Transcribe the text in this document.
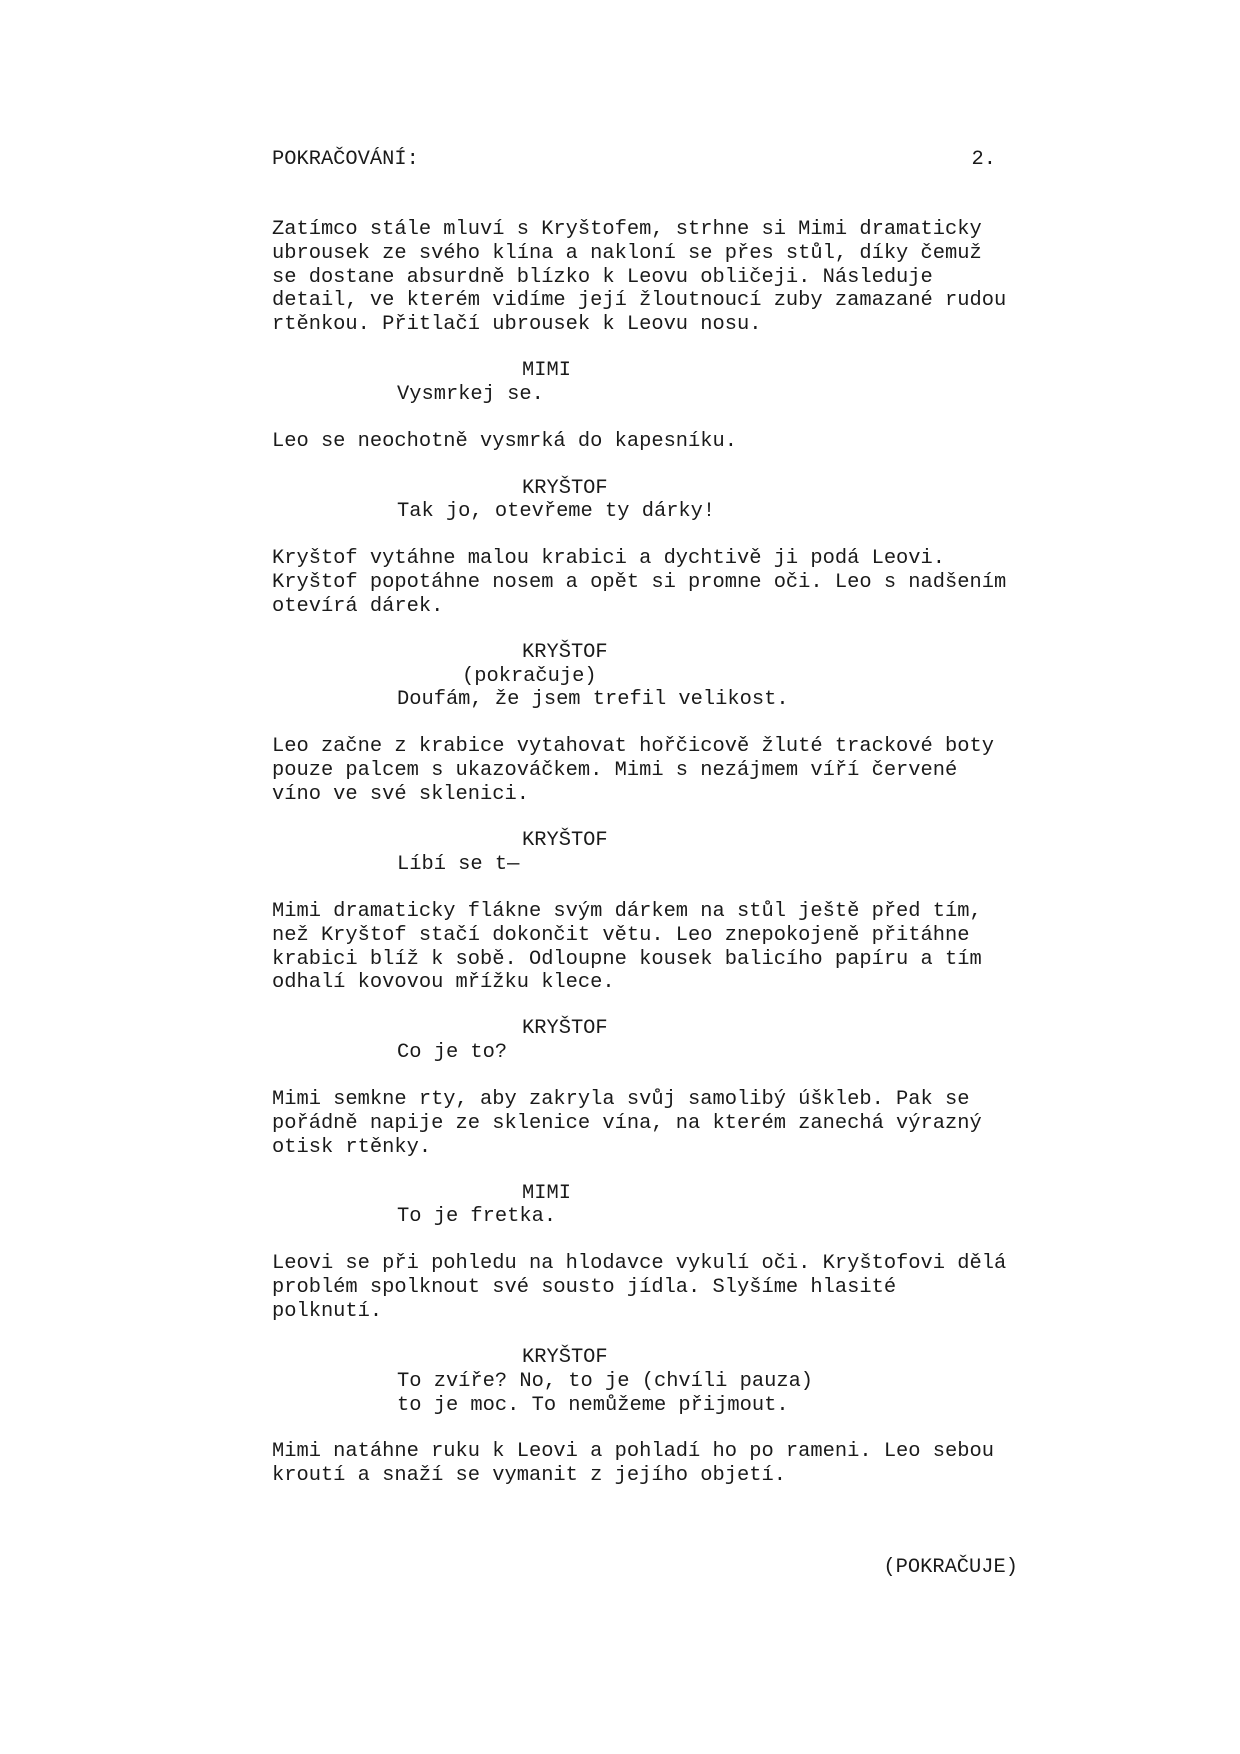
POKRAČOVÁNÍ:	2.
Zatímco stále mluví s Kryštofem, strhne si Mimi dramaticky
ubrousek ze svého klína a nakloní se přes stůl, díky čemuž
se dostane absurdně blízko k Leovu obličeji. Následuje
detail, ve kterém vidíme její žloutnoucí zuby zamazané rudou
rtěnkou. Přitlačí ubrousek k Leovu nosu.
MIMI
Vysmrkej se.
Leo se neochotně vysmrká do kapesníku.
KRYŠTOF
Tak jo, otevřeme ty dárky!
Kryštof vytáhne malou krabici a dychtivě ji podá Leovi.
Kryštof popotáhne nosem a opět si promne oči. Leo s nadšením
otevírá dárek.
KRYŠTOF
(pokračuje)
Doufám, že jsem trefil velikost.
Leo začne z krabice vytahovat hořčicově žluté trackové boty
pouze palcem s ukazováčkem. Mimi s nezájmem víří červené
víno ve své sklenici.
KRYŠTOF
Líbí se t—
Mimi dramaticky flákne svým dárkem na stůl ještě před tím,
než Kryštof stačí dokončit větu. Leo znepokojeně přitáhne
krabici blíž k sobě. Odloupne kousek balicího papíru a tím
odhalí kovovou mřížku klece.
KRYŠTOF
Co je to?
Mimi semkne rty, aby zakryla svůj samolibý úškleb. Pak se
pořádně napije ze sklenice vína, na kterém zanechá výrazný
otisk rtěnky.
MIMI
To je fretka.
Leovi se při pohledu na hlodavce vykulí oči. Kryštofovi dělá
problém spolknout své sousto jídla. Slyšíme hlasité
polknutí.
KRYŠTOF
To zvíře? No, to je (chvíli pauza)
to je moc. To nemůžeme přijmout.
Mimi natáhne ruku k Leovi a pohladí ho po rameni. Leo sebou
kroutí a snaží se vymanit z jejího objetí.
(POKRAČUJE)
